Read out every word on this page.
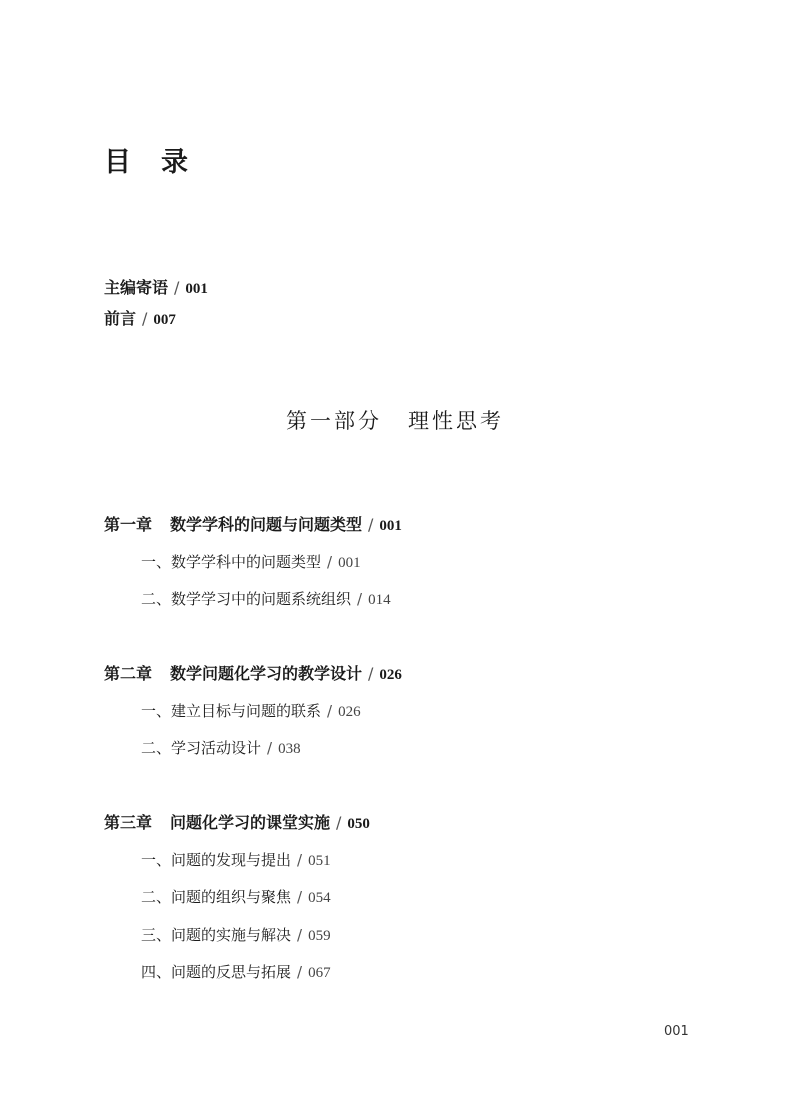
目录
主编寄语 / 001
前言 / 007
第一部分 理性思考
第一章 数学学科的问题与问题类型 / 001
一、数学学科中的问题类型 / 001
二、数学学习中的问题系统组织 / 014
第二章 数学问题化学习的教学设计 / 026
一、建立目标与问题的联系 / 026
二、学习活动设计 / 038
第三章 问题化学习的课堂实施 / 050
一、问题的发现与提出 / 051
二、问题的组织与聚焦 / 054
三、问题的实施与解决 / 059
四、问题的反思与拓展 / 067
001
